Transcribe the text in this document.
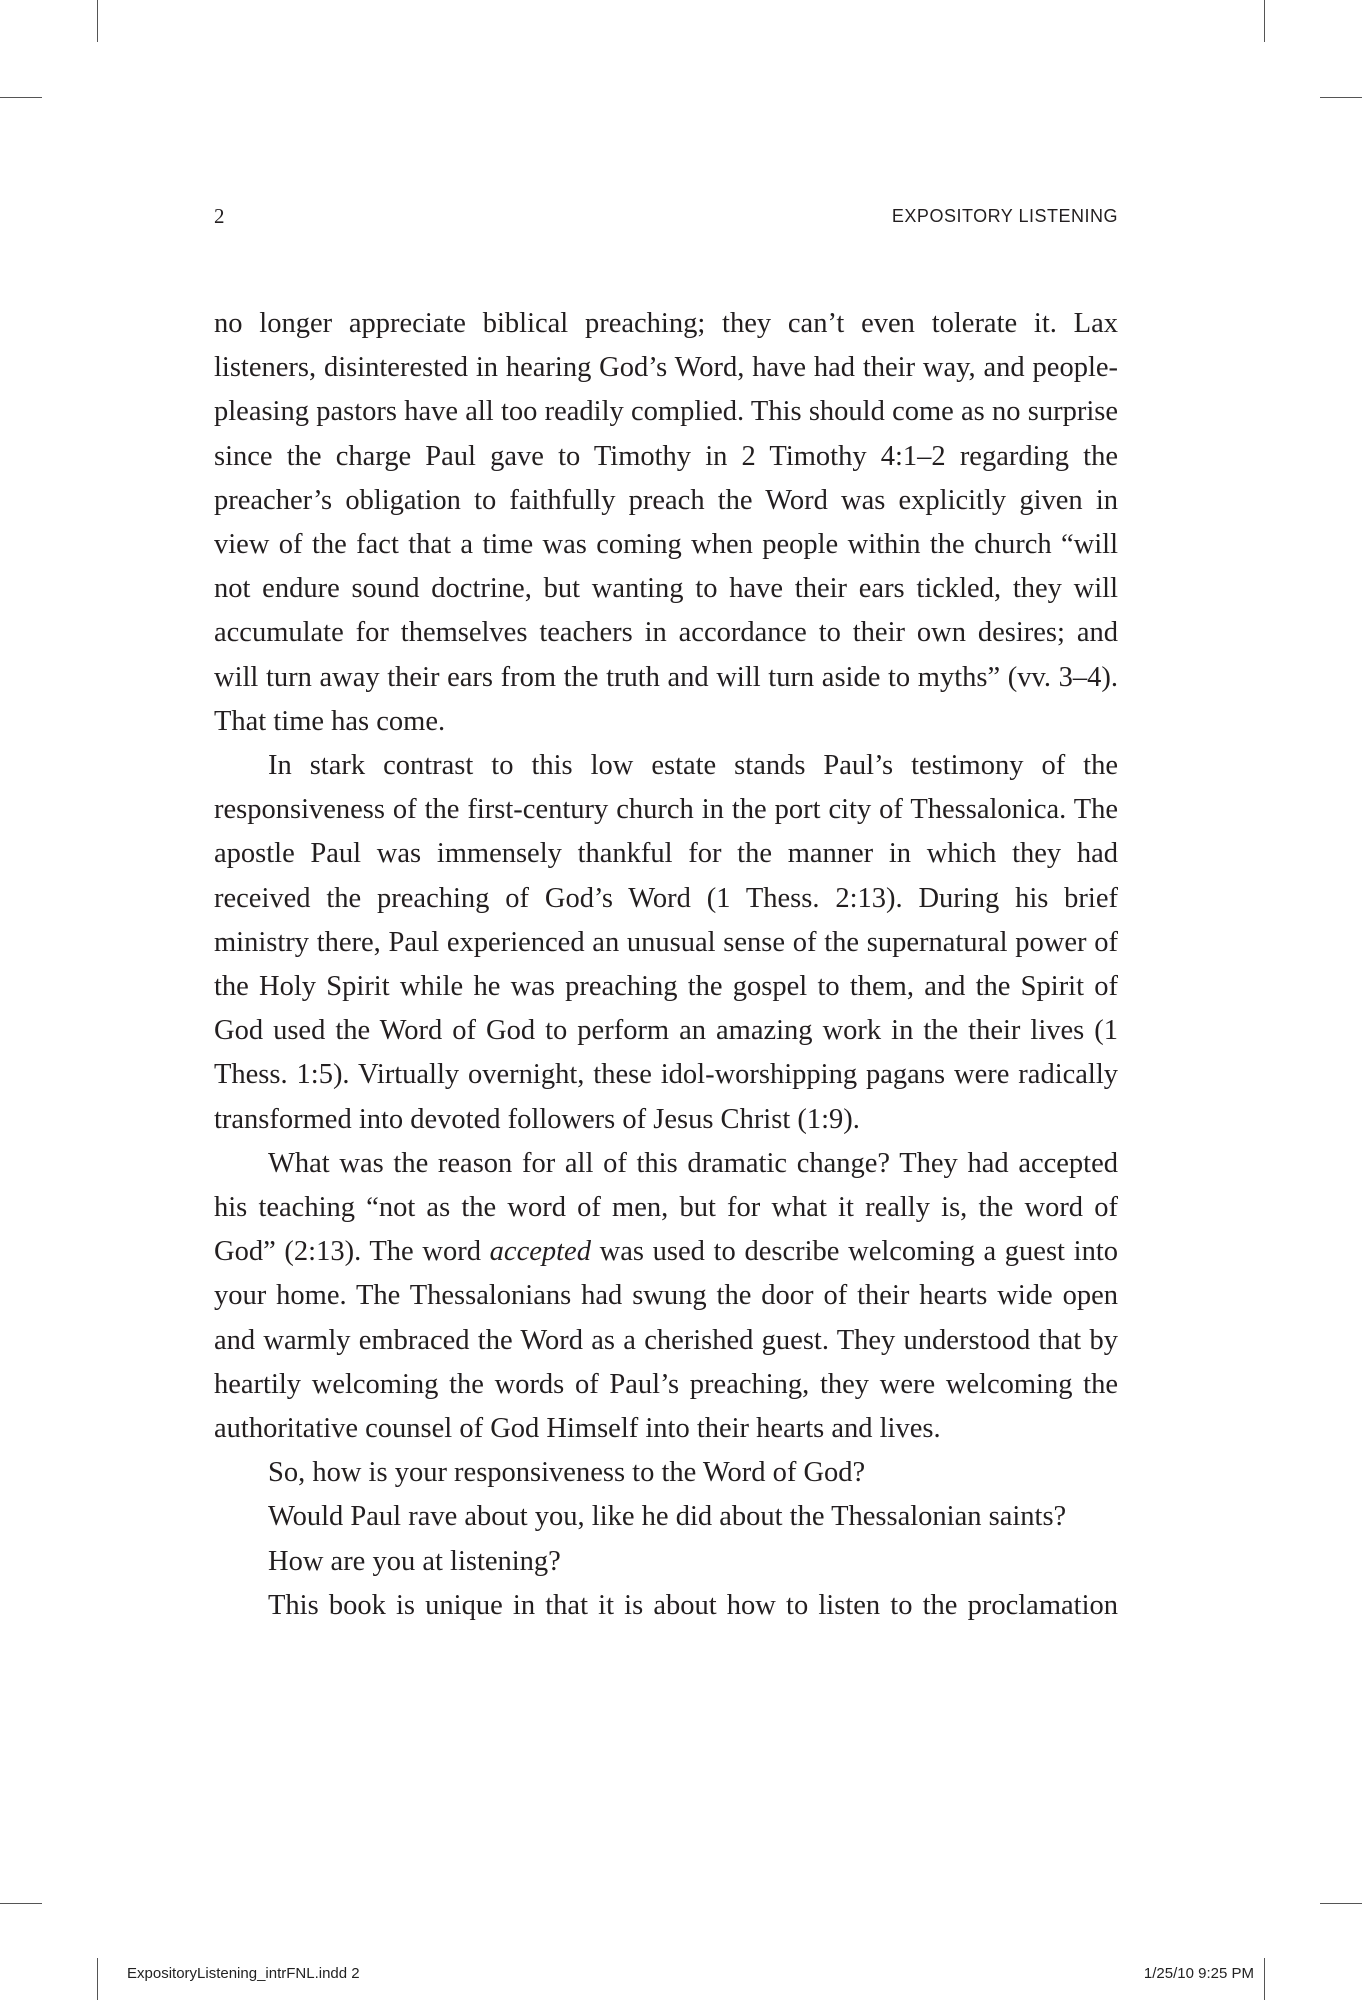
2	EXPOSITORY LISTENING

no longer appreciate biblical preaching; they can’t even tolerate it. Lax listeners, disinterested in hearing God’s Word, have had their way, and people-pleasing pastors have all too readily complied. This should come as no surprise since the charge Paul gave to Timothy in 2 Timothy 4:1–2 regarding the preacher’s obligation to faithfully preach the Word was explicitly given in view of the fact that a time was coming when people within the church “will not endure sound doctrine, but wanting to have their ears tickled, they will accumulate for themselves teachers in accordance to their own desires; and will turn away their ears from the truth and will turn aside to myths” (vv. 3–4). That time has come.

In stark contrast to this low estate stands Paul’s testimony of the responsiveness of the first-century church in the port city of Thessalonica. The apostle Paul was immensely thankful for the manner in which they had received the preaching of God’s Word (1 Thess. 2:13). During his brief ministry there, Paul experienced an unusual sense of the supernatural power of the Holy Spirit while he was preaching the gospel to them, and the Spirit of God used the Word of God to perform an amazing work in the their lives (1 Thess. 1:5). Virtually overnight, these idol-worshipping pagans were radically transformed into devoted followers of Jesus Christ (1:9).

What was the reason for all of this dramatic change? They had accepted his teaching “not as the word of men, but for what it really is, the word of God” (2:13). The word accepted was used to describe welcoming a guest into your home. The Thessalonians had swung the door of their hearts wide open and warmly embraced the Word as a cherished guest. They understood that by heartily welcoming the words of Paul’s preaching, they were welcoming the authoritative counsel of God Himself into their hearts and lives.

So, how is your responsiveness to the Word of God?

Would Paul rave about you, like he did about the Thessalonian saints?

How are you at listening?

This book is unique in that it is about how to listen to the proclamation

ExpositoryListening_intrFNL.indd 2	1/25/10 9:25 PM
